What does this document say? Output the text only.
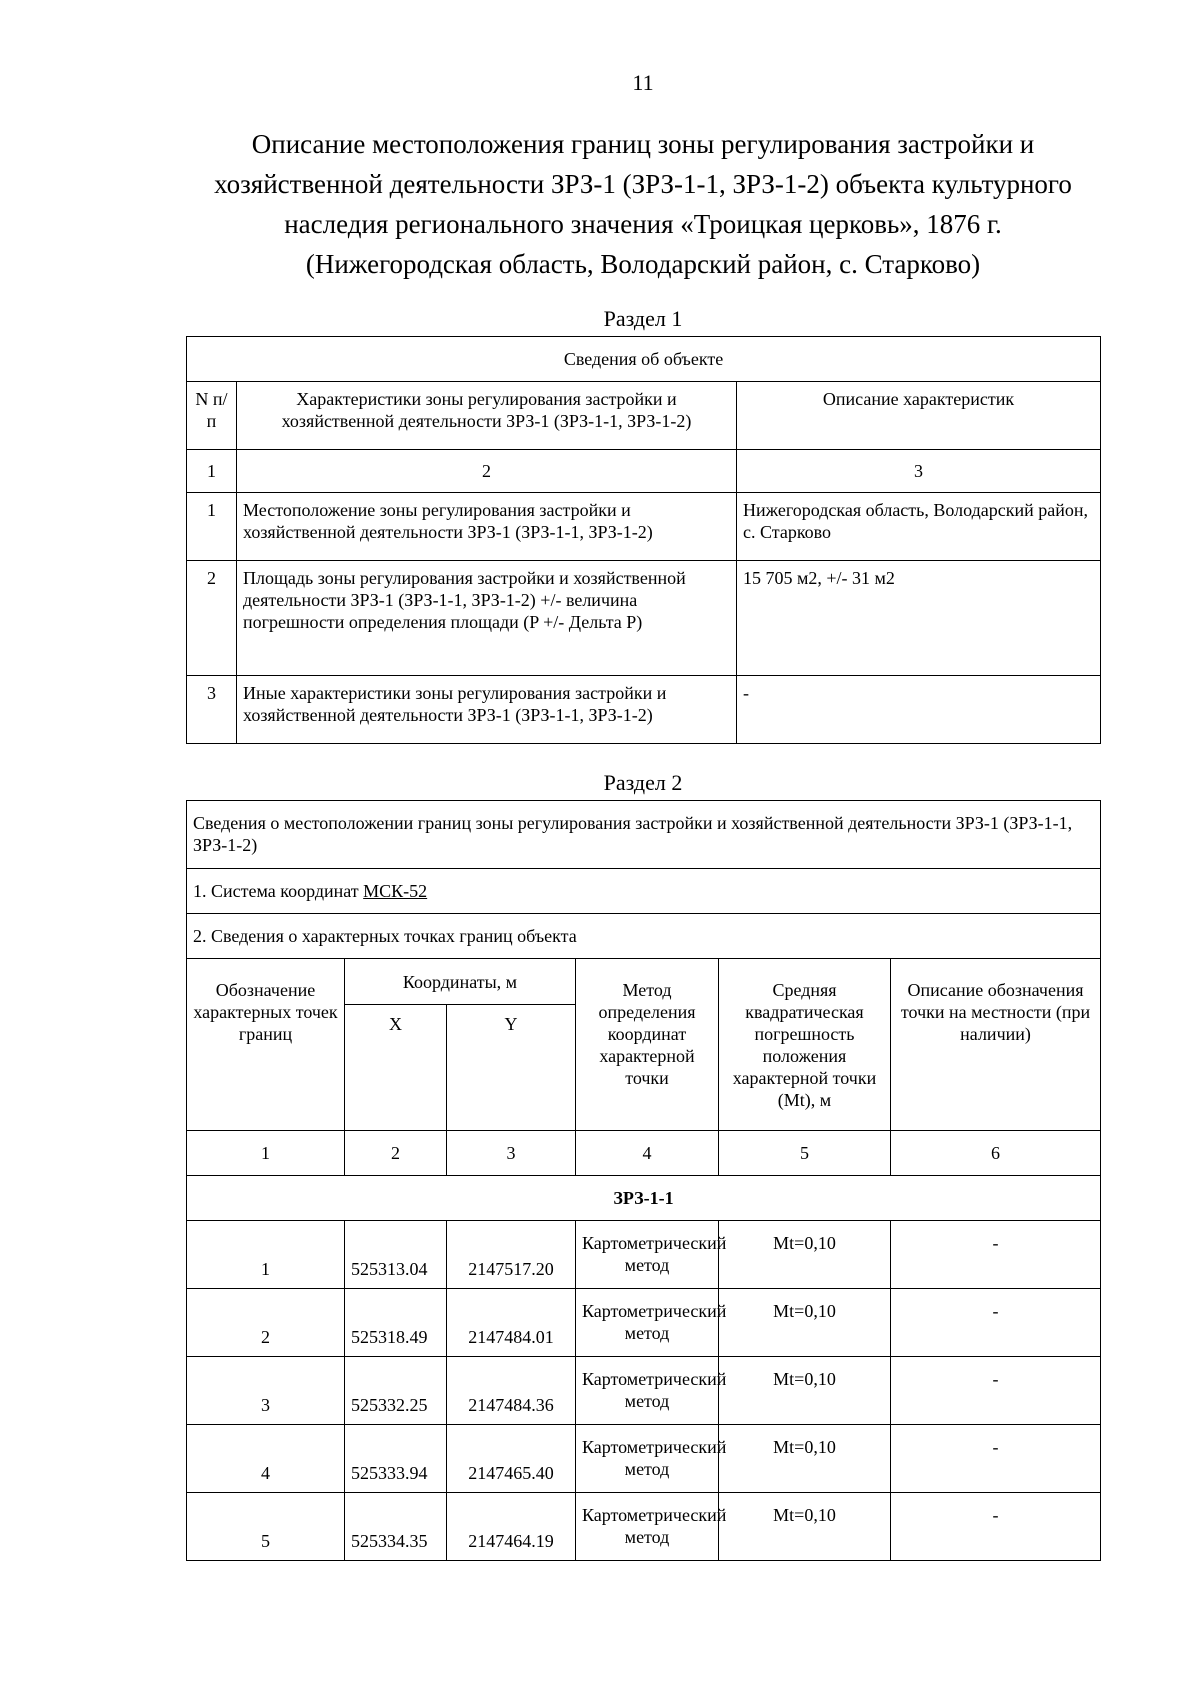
11
Описание местоположения границ зоны регулирования застройки и
хозяйственной деятельности ЗРЗ-1 (ЗРЗ-1-1, ЗРЗ-1-2) объекта культурного
наследия регионального значения «Троицкая церковь», 1876 г.
(Нижегородская область, Володарский район, с. Старково)
Раздел 1
Сведения об объекте		
N п/п	Характеристики зоны регулирования застройки и хозяйственной деятельности ЗРЗ-1 (ЗРЗ-1-1, ЗРЗ-1-2)	Описание характеристик
1	2	3
1	Местоположение зоны регулирования застройки и хозяйственной деятельности ЗРЗ-1 (ЗРЗ-1-1, ЗРЗ-1-2)	Нижегородская область, Володарский район, с. Старково
2	Площадь зоны регулирования застройки и хозяйственной деятельности ЗРЗ-1 (ЗРЗ-1-1, ЗРЗ-1-2) +/- величина погрешности определения площади (P +/- Дельта P)	15 705 м2, +/- 31 м2
3	Иные характеристики зоны регулирования застройки и хозяйственной деятельности ЗРЗ-1 (ЗРЗ-1-1, ЗРЗ-1-2)	-
Раздел 2
Сведения о местоположении границ зоны регулирования застройки и хозяйственной деятельности ЗРЗ-1 (ЗРЗ-1-1, ЗРЗ-1-2)					
1. Система координат МСК-52					
2. Сведения о характерных точках границ объекта					
Обозначение характерных точек границ	Координаты, м		Метод определения координат характерной точки	Средняя квадратическая погрешность положения характерной точки (Mt), м	Описание обозначения точки на местности (при наличии)
	X	Y			
1	2	3	4	5	6
ЗРЗ-1-1					
1	525313.04	2147517.20	Картометрический метод	Mt=0,10	-
2	525318.49	2147484.01	Картометрический метод	Mt=0,10	-
3	525332.25	2147484.36	Картометрический метод	Mt=0,10	-
4	525333.94	2147465.40	Картометрический метод	Mt=0,10	-
5	525334.35	2147464.19	Картометрический метод	Mt=0,10	-
